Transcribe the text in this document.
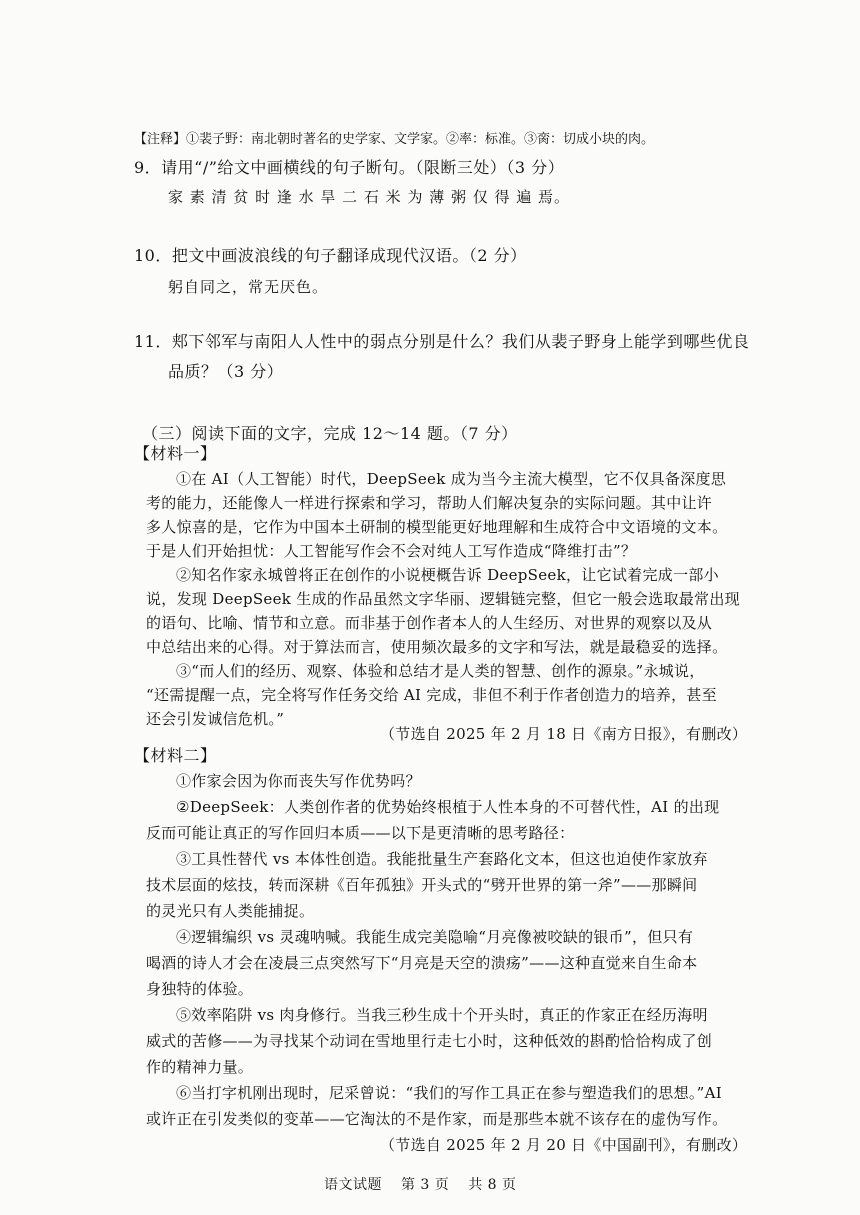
【注释】①裴子野：南北朝时著名的史学家、文学家。②率：标准。③脔：切成小块的肉。
9．请用“/”给文中画横线的句子断句。（限断三处）（3 分）
家 素 清 贫 时 逢 水 旱 二 石 米 为 薄 粥 仅 得 遍 焉。
10．把文中画波浪线的句子翻译成现代汉语。（2 分）
躬自同之，常无厌色。
11．郏下邻军与南阳人人性中的弱点分别是什么？我们从裴子野身上能学到哪些优良
品质？（3 分）
（三）阅读下面的文字，完成 12～14 题。（7 分）
【材料一】
①在 AI（人工智能）时代，DeepSeek 成为当今主流大模型，它不仅具备深度思
考的能力，还能像人一样进行探索和学习，帮助人们解决复杂的实际问题。其中让许
多人惊喜的是，它作为中国本土研制的模型能更好地理解和生成符合中文语境的文本。
于是人们开始担忧：人工智能写作会不会对纯人工写作造成“降维打击”？
②知名作家永城曾将正在创作的小说梗概告诉 DeepSeek，让它试着完成一部小
说，发现 DeepSeek 生成的作品虽然文字华丽、逻辑链完整，但它一般会选取最常出现
的语句、比喻、情节和立意。而非基于创作者本人的人生经历、对世界的观察以及从
中总结出来的心得。对于算法而言，使用频次最多的文字和写法，就是最稳妥的选择。
③“而人们的经历、观察、体验和总结才是人类的智慧、创作的源泉。”永城说，
“还需提醒一点，完全将写作任务交给 AI 完成，非但不利于作者创造力的培养，甚至
还会引发诚信危机。”
（节选自 2025 年 2 月 18 日《南方日报》，有删改）
【材料二】
①作家会因为你而丧失写作优势吗？
②DeepSeek：人类创作者的优势始终根植于人性本身的不可替代性，AI 的出现
反而可能让真正的写作回归本质——以下是更清晰的思考路径：
③工具性替代 vs 本体性创造。我能批量生产套路化文本，但这也迫使作家放弃
技术层面的炫技，转而深耕《百年孤独》开头式的“劈开世界的第一斧”——那瞬间
的灵光只有人类能捕捉。
④逻辑编织 vs 灵魂呐喊。我能生成完美隐喻“月亮像被咬缺的银币”，但只有
喝酒的诗人才会在凌晨三点突然写下“月亮是天空的溃疡”——这种直觉来自生命本
身独特的体验。
⑤效率陷阱 vs 肉身修行。当我三秒生成十个开头时，真正的作家正在经历海明
威式的苦修——为寻找某个动词在雪地里行走七小时，这种低效的斟酌恰恰构成了创
作的精神力量。
⑥当打字机刚出现时，尼采曾说：“我们的写作工具正在参与塑造我们的思想。”AI
或许正在引发类似的变革——它淘汰的不是作家，而是那些本就不该存在的虚伪写作。
（节选自 2025 年 2 月 20 日《中国副刊》，有删改）
语文试题 第 3 页 共 8 页
